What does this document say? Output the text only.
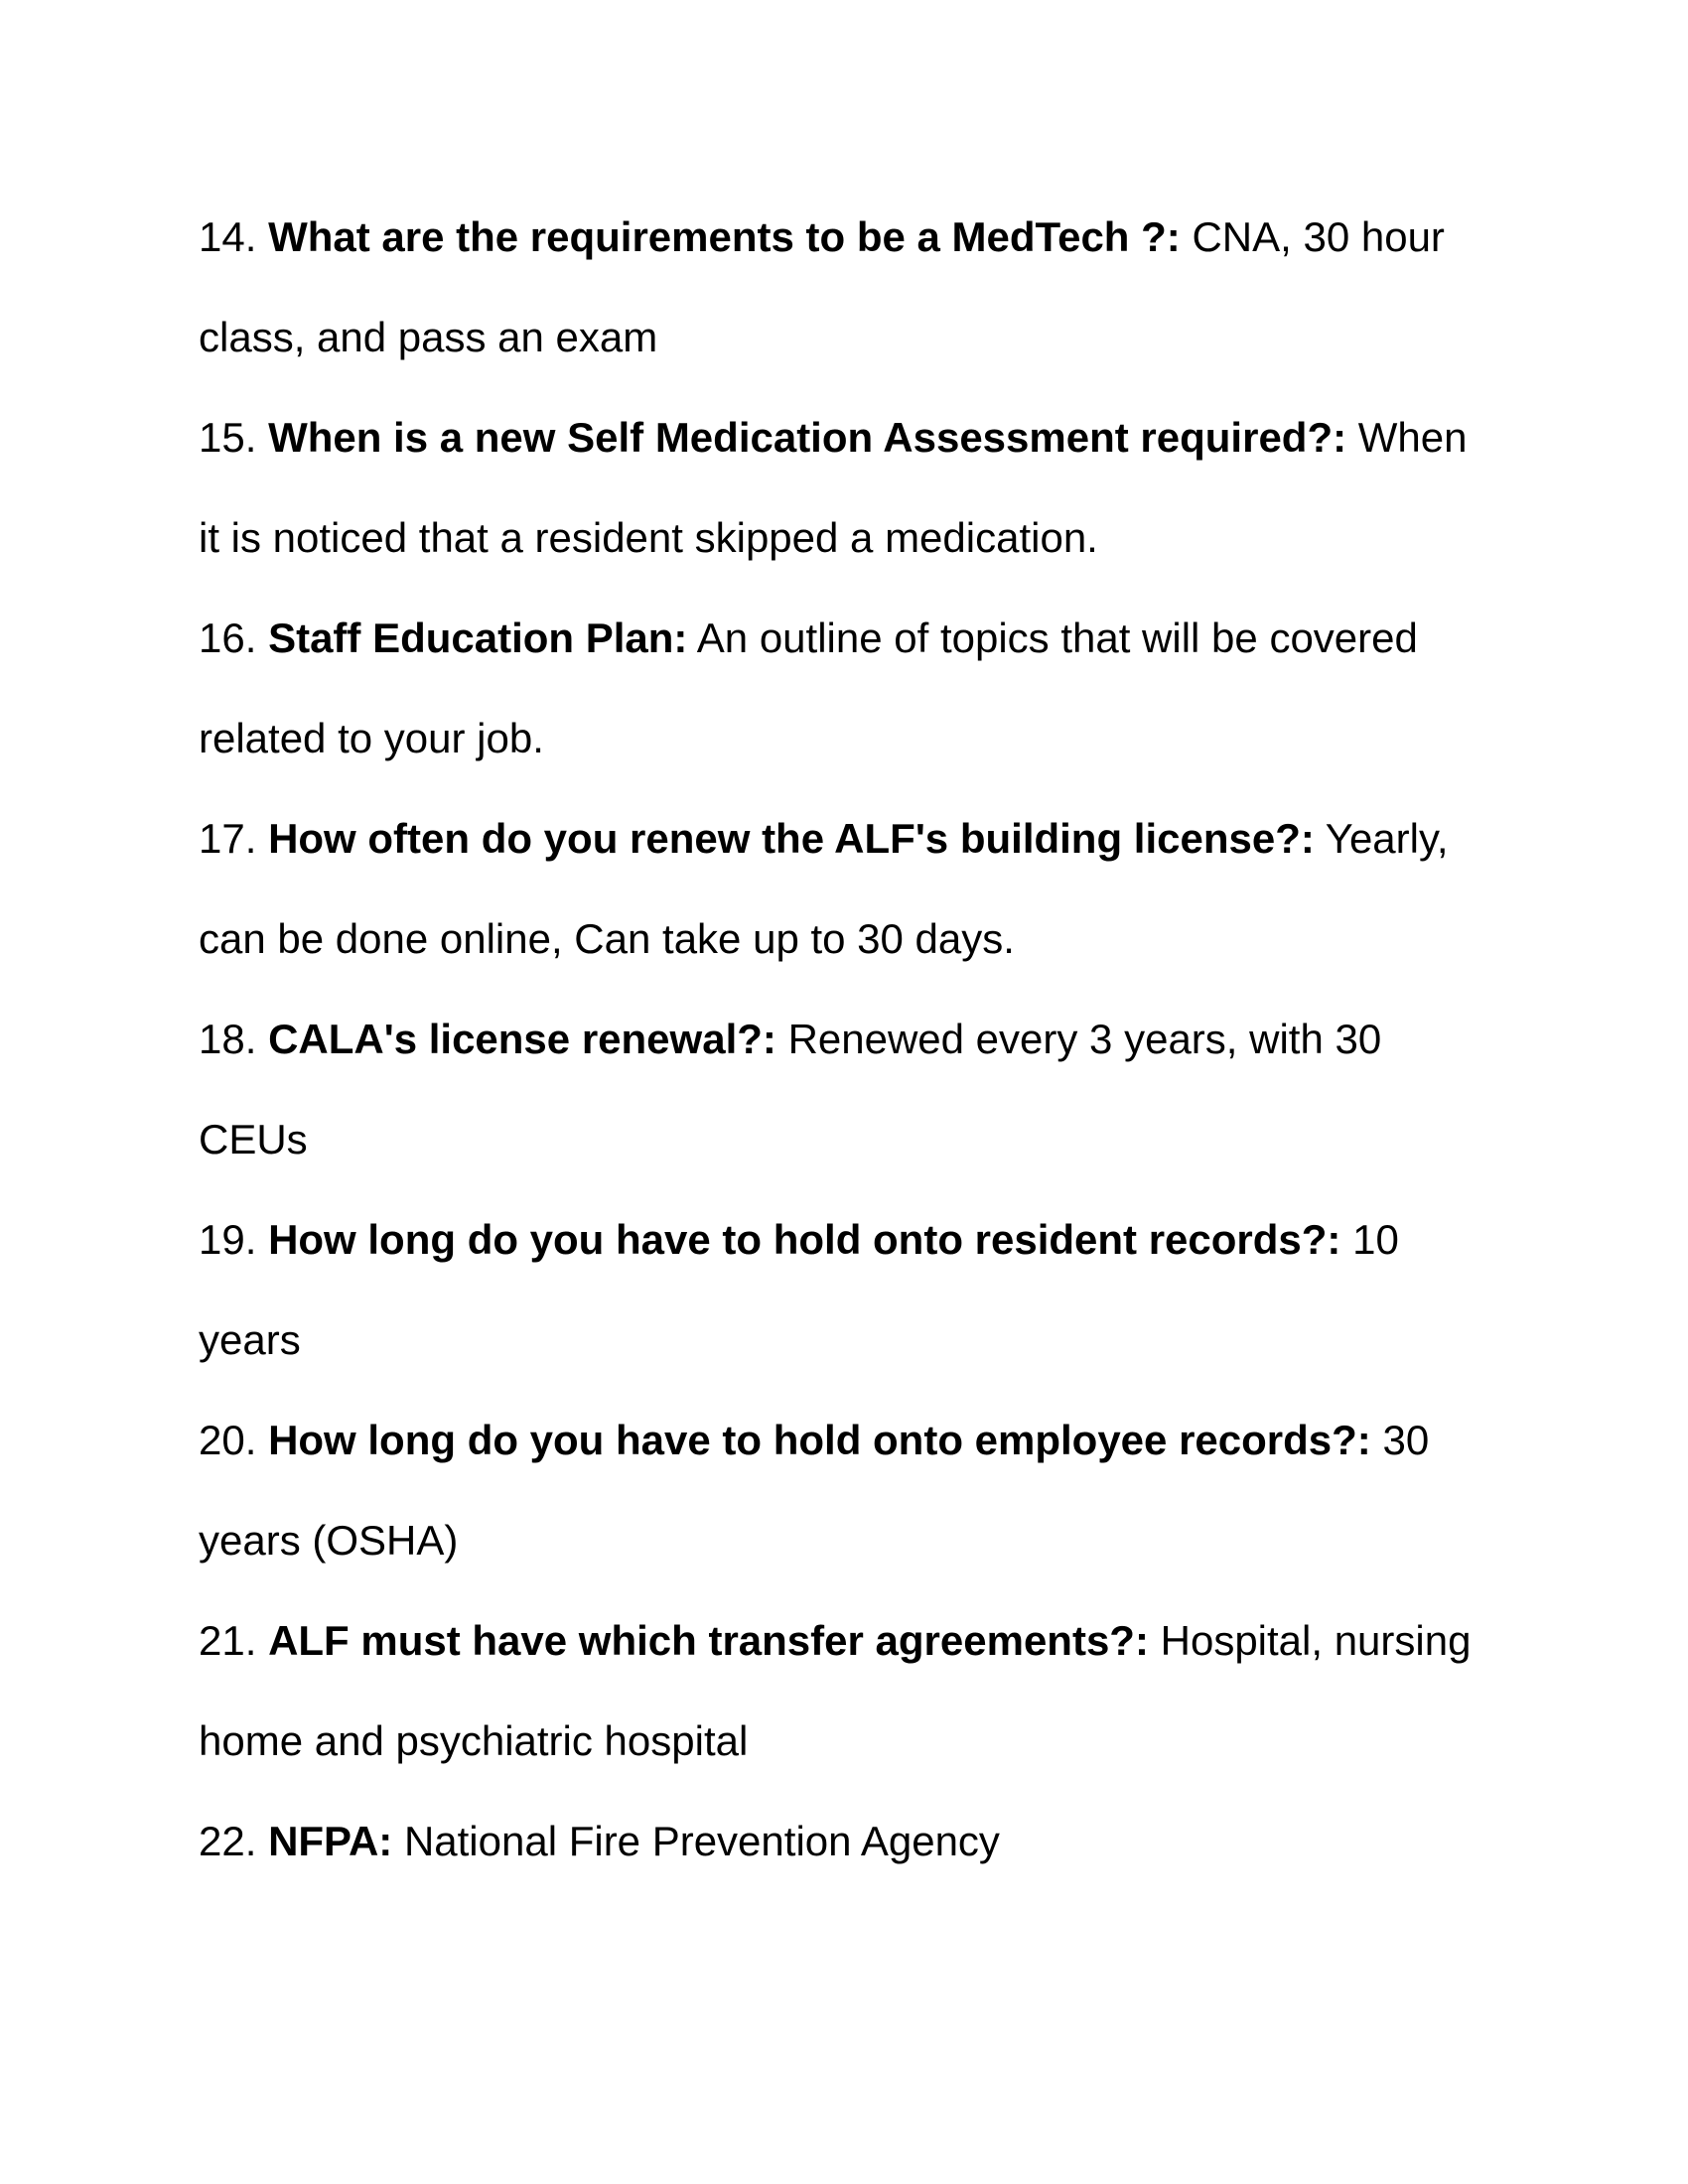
14. What are the requirements to be a MedTech ?: CNA, 30 hour class, and pass an exam
15. When is a new Self Medication Assessment required?: When it is noticed that a resident skipped a medication.
16. Staff Education Plan: An outline of topics that will be covered related to your job.
17. How often do you renew the ALF's building license?: Yearly, can be done online, Can take up to 30 days.
18. CALA's license renewal?: Renewed every 3 years, with 30 CEUs
19. How long do you have to hold onto resident records?: 10 years
20. How long do you have to hold onto employee records?: 30 years (OSHA)
21. ALF must have which transfer agreements?: Hospital, nursing home and psychiatric hospital
22. NFPA: National Fire Prevention Agency
